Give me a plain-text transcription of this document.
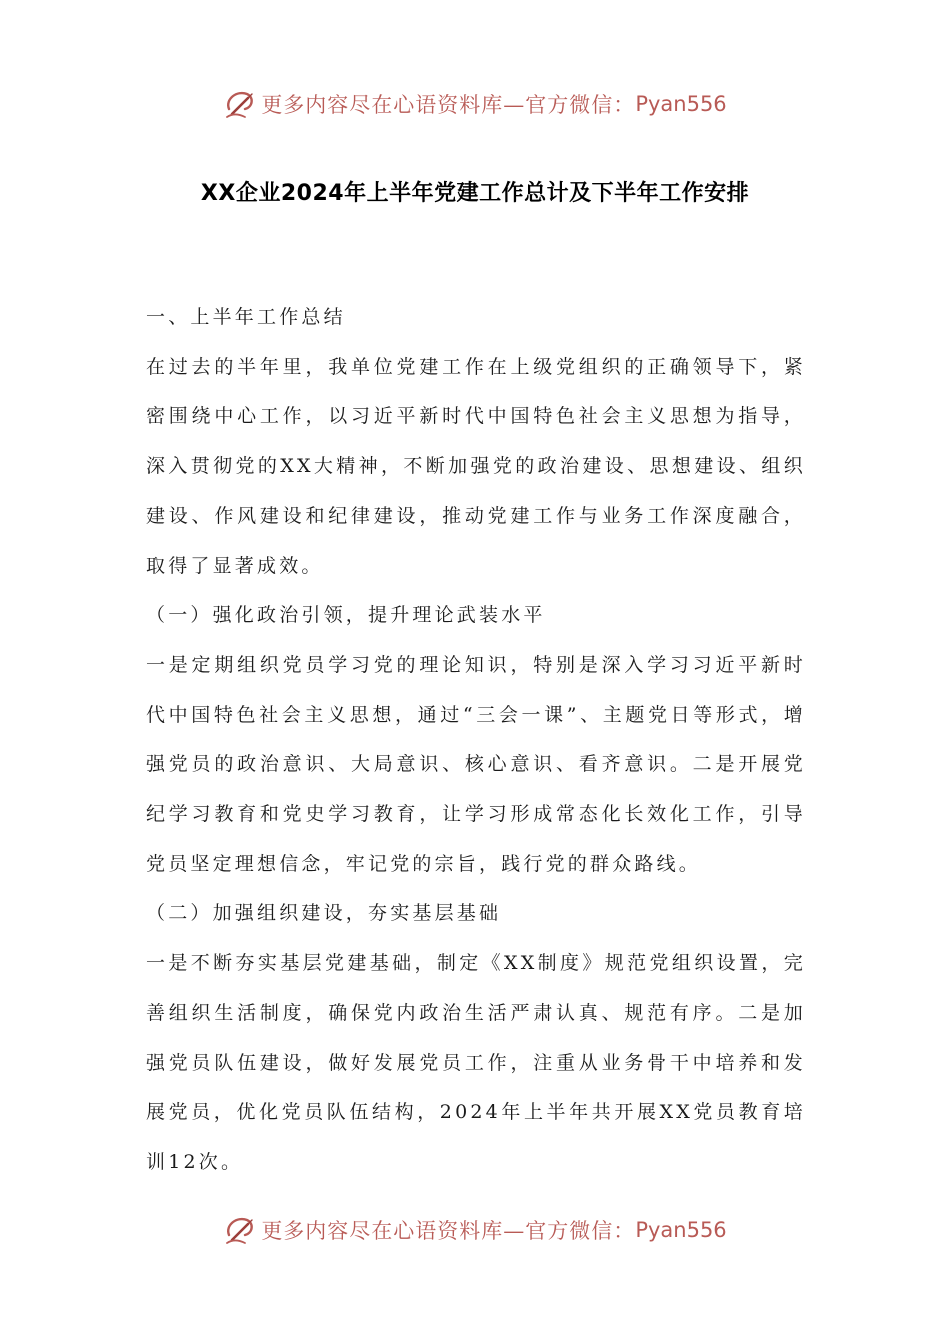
更多内容尽在心语资料库—官方微信： Pyan556
XX企业2024年上半年党建工作总计及下半年工作安排

一、上半年工作总结

在过去的半年里，我单位党建工作在上级党组织的正确领导下，紧密围绕中心工作，以习近平新时代中国特色社会主义思想为指导，深入贯彻党的XX大精神，不断加强党的政治建设、思想建设、组织建设、作风建设和纪律建设，推动党建工作与业务工作深度融合，取得了显著成效。

（一）强化政治引领，提升理论武装水平

一是定期组织党员学习党的理论知识，特别是深入学习习近平新时代中国特色社会主义思想，通过“三会一课”、主题党日等形式，增强党员的政治意识、大局意识、核心意识、看齐意识。二是开展党纪学习教育和党史学习教育，让学习形成常态化长效化工作，引导党员坚定理想信念，牢记党的宗旨，践行党的群众路线。

（二）加强组织建设，夯实基层基础

一是不断夯实基层党建基础，制定《XX制度》规范党组织设置，完善组织生活制度，确保党内政治生活严肃认真、规范有序。二是加强党员队伍建设，做好发展党员工作，注重从业务骨干中培养和发展党员，优化党员队伍结构，2024年上半年共开展XX党员教育培训12次。

更多内容尽在心语资料库—官方微信： Pyan556
